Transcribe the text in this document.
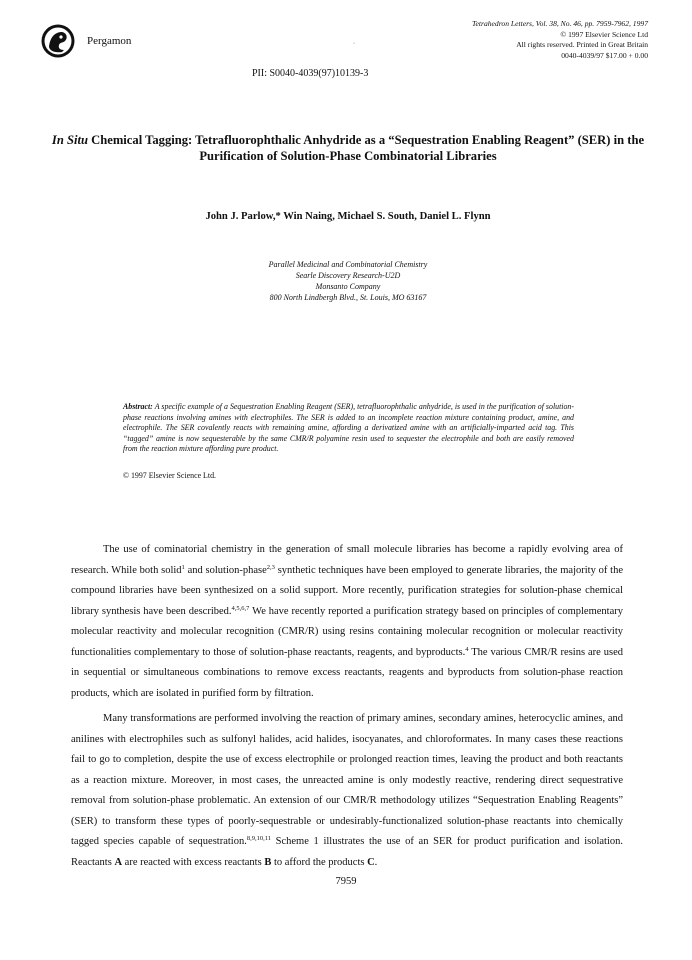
Pergamon
Tetrahedron Letters, Vol. 38, No. 46, pp. 7959-7962, 1997
© 1997 Elsevier Science Ltd
All rights reserved. Printed in Great Britain
0040-4039/97 $17.00 + 0.00
·
PII: S0040-4039(97)10139-3
In Situ Chemical Tagging: Tetrafluorophthalic Anhydride as a “Sequestration Enabling Reagent” (SER) in the Purification of Solution-Phase Combinatorial Libraries
John J. Parlow,* Win Naing, Michael S. South, Daniel L. Flynn
Parallel Medicinal and Combinatorial Chemistry
Searle Discovery Research-U2D
Monsanto Company
800 North Lindbergh Blvd., St. Louis, MO 63167
Abstract: A specific example of a Sequestration Enabling Reagent (SER), tetrafluorophthalic anhydride, is used in the purification of solution-phase reactions involving amines with electrophiles. The SER is added to an incomplete reaction mixture containing product, amine, and electrophile. The SER covalently reacts with remaining amine, affording a derivatized amine with an artificially-imparted acid tag. This “tagged” amine is now sequesterable by the same CMR/R polyamine resin used to sequester the electrophile and both are easily removed from the reaction mixture affording pure product.
© 1997 Elsevier Science Ltd.

The use of cominatorial chemistry in the generation of small molecule libraries has become a rapidly evolving area of research. While both solid$^1$ and solution-phase$^{2,3}$ synthetic techniques have been employed to generate libraries, the majority of the compound libraries have been synthesized on a solid support. More recently, purification strategies for solution-phase chemical library synthesis have been described.$^{4,5,6,7}$ We have recently reported a purification strategy based on principles of complementary molecular reactivity and molecular recognition (CMR/R) using resins containing molecular recognition or molecular reactivity functionalities complementary to those of solution-phase reactants, reagents, and byproducts.$^4$ The various CMR/R resins are used in sequential or simultaneous combinations to remove excess reactants, reagents and byproducts from solution-phase reaction products, which are isolated in purified form by filtration.

Many transformations are performed involving the reaction of primary amines, secondary amines, heterocyclic amines, and anilines with electrophiles such as sulfonyl halides, acid halides, isocyanates, and chloroformates. In many cases these reactions fail to go to completion, despite the use of excess electrophile or prolonged reaction times, leaving the product and both reactants as a reaction mixture. Moreover, in most cases, the unreacted amine is only modestly reactive, rendering direct sequestrative removal from solution-phase problematic. An extension of our CMR/R methodology utilizes “Sequestration Enabling Reagents” (SER) to transform these types of poorly-sequestrable or undesirably-functionalized solution-phase reactants into chemically tagged species capable of sequestration.$^{8,9,10,11}$ Scheme 1 illustrates the use of an SER for product purification and isolation. Reactants A are reacted with excess reactants B to afford the products C.

7959
